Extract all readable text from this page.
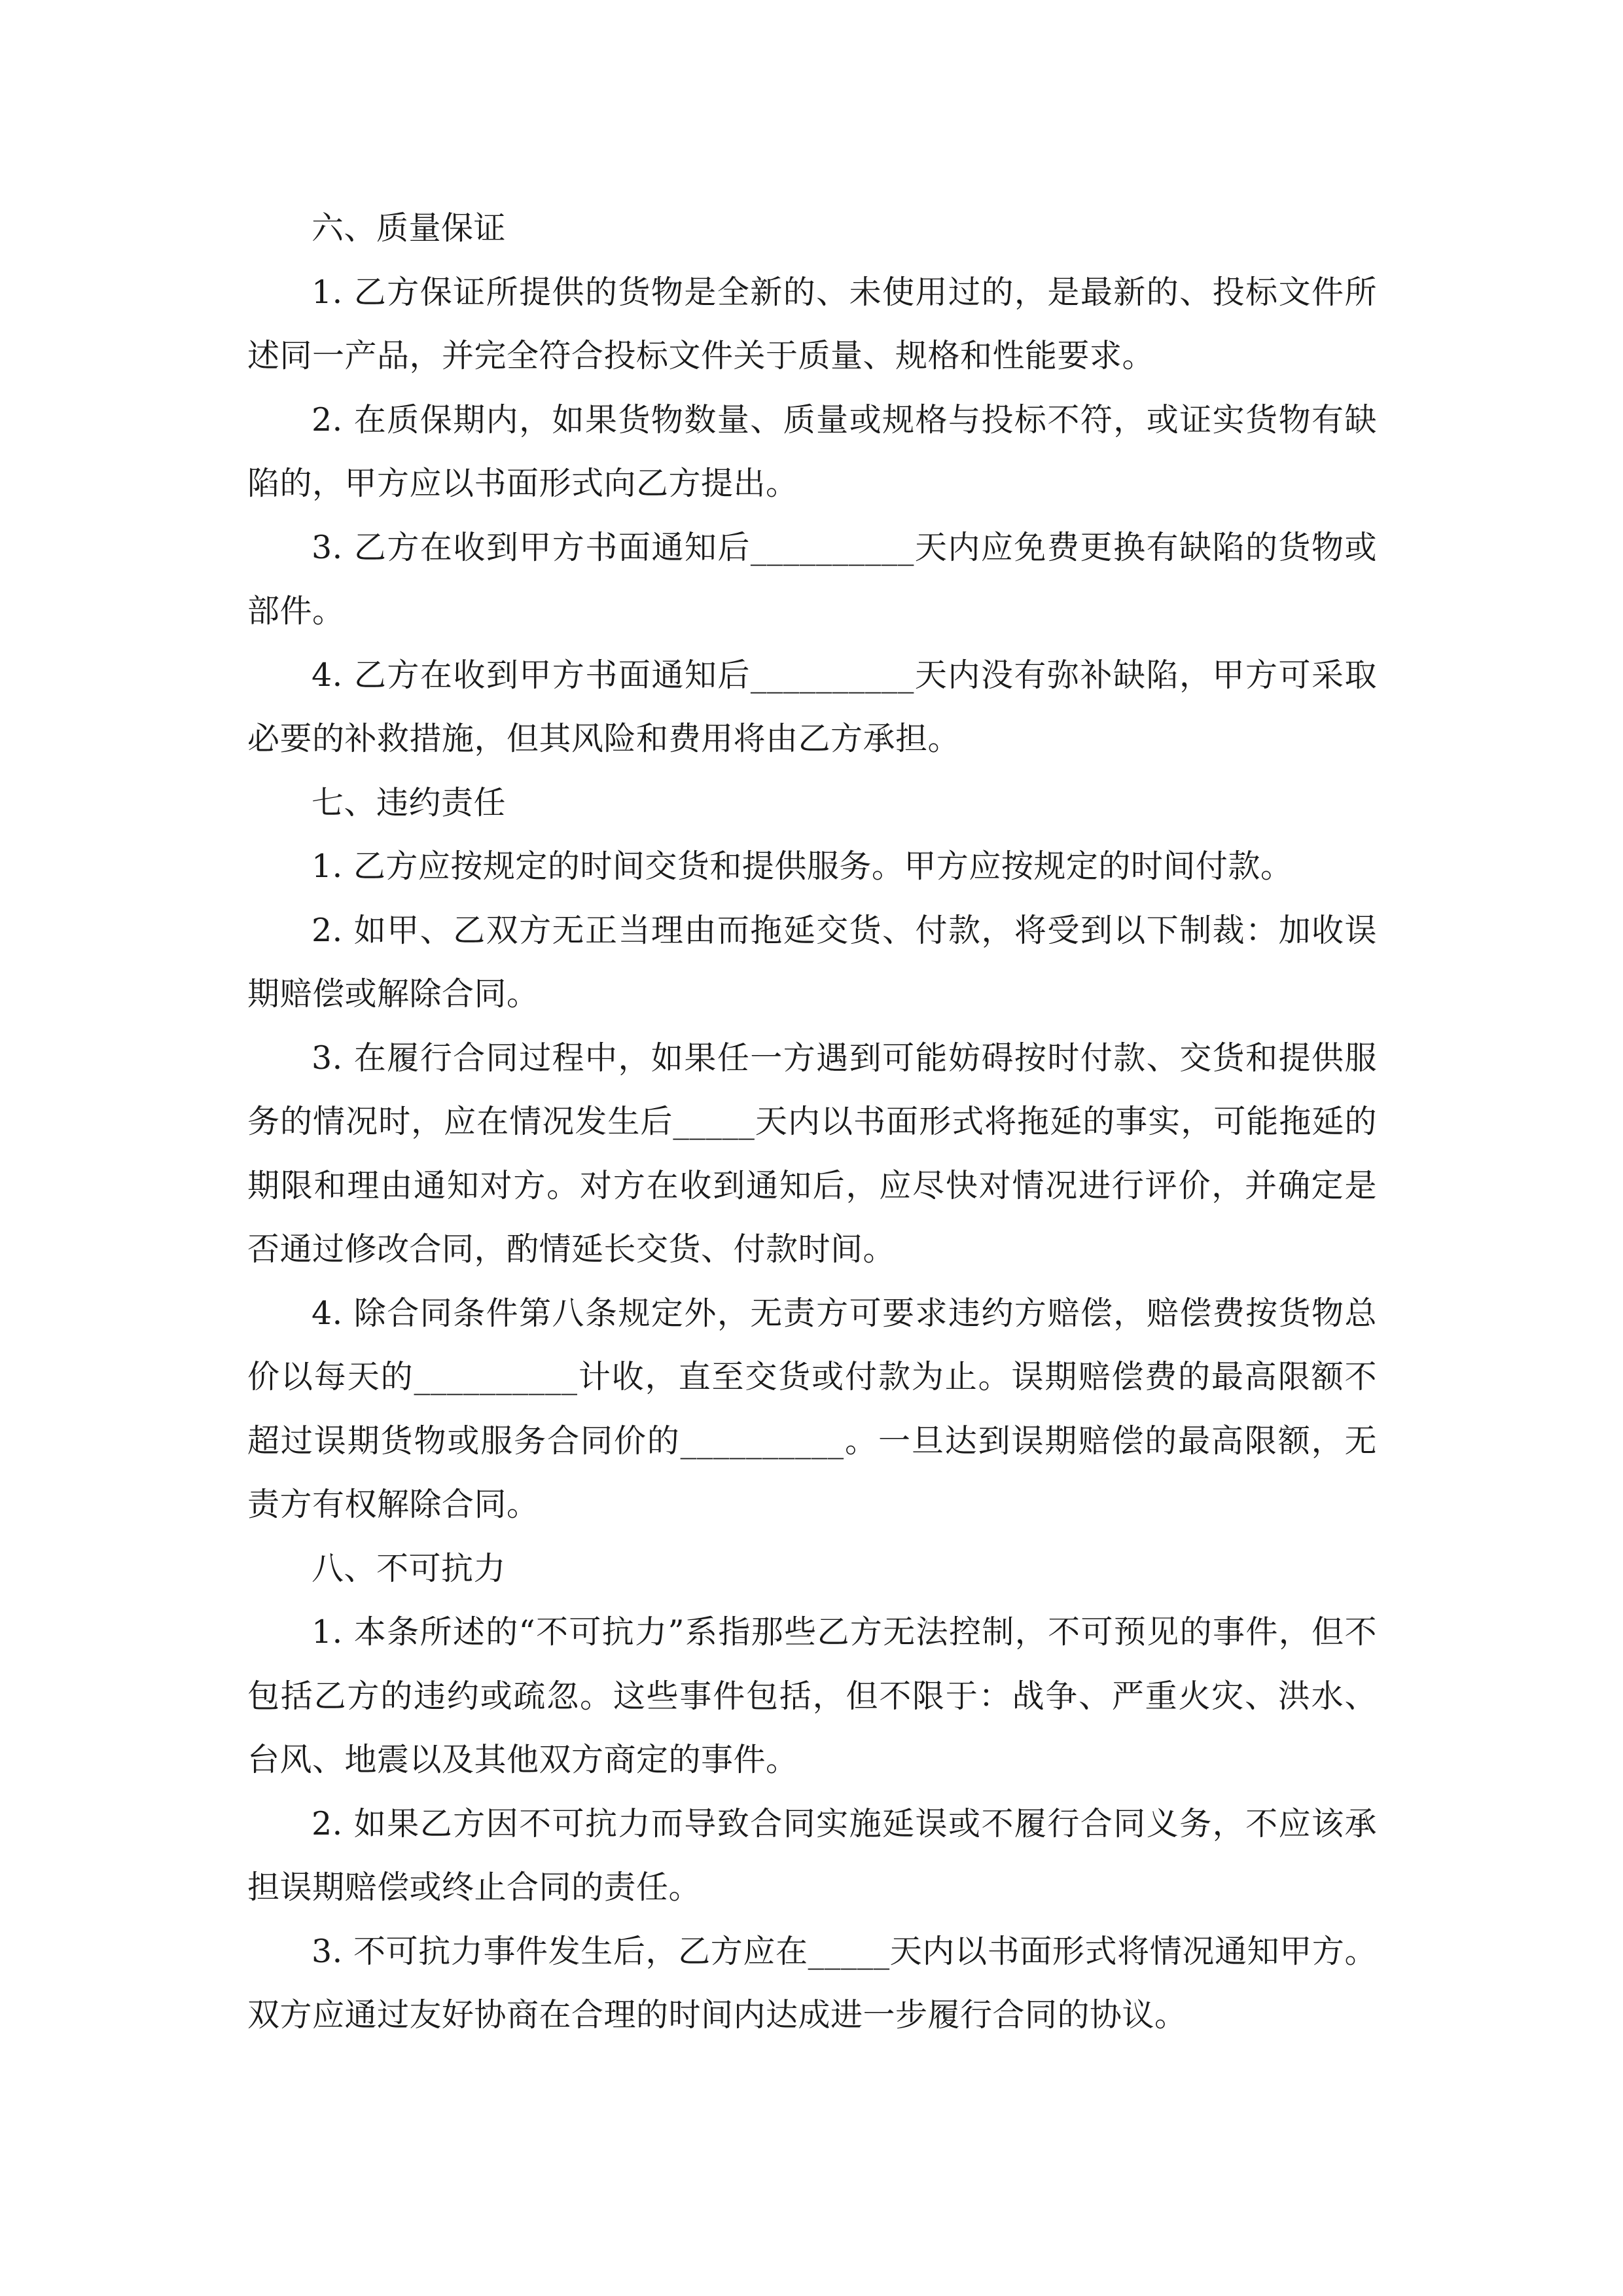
六、质量保证

1. 乙方保证所提供的货物是全新的、未使用过的，是最新的、投标文件所述同一产品，并完全符合投标文件关于质量、规格和性能要求。

2. 在质保期内，如果货物数量、质量或规格与投标不符，或证实货物有缺陷的，甲方应以书面形式向乙方提出。

3. 乙方在收到甲方书面通知后__________天内应免费更换有缺陷的货物或部件。

4. 乙方在收到甲方书面通知后__________天内没有弥补缺陷，甲方可采取必要的补救措施，但其风险和费用将由乙方承担。

七、违约责任

1. 乙方应按规定的时间交货和提供服务。甲方应按规定的时间付款。

2. 如甲、乙双方无正当理由而拖延交货、付款，将受到以下制裁：加收误期赔偿或解除合同。

3. 在履行合同过程中，如果任一方遇到可能妨碍按时付款、交货和提供服务的情况时，应在情况发生后_____天内以书面形式将拖延的事实，可能拖延的期限和理由通知对方。对方在收到通知后，应尽快对情况进行评价，并确定是否通过修改合同，酌情延长交货、付款时间。

4. 除合同条件第八条规定外，无责方可要求违约方赔偿，赔偿费按货物总价以每天的__________计收，直至交货或付款为止。误期赔偿费的最高限额不超过误期货物或服务合同价的__________。一旦达到误期赔偿的最高限额，无责方有权解除合同。

八、不可抗力

1. 本条所述的“不可抗力”系指那些乙方无法控制，不可预见的事件，但不包括乙方的违约或疏忽。这些事件包括，但不限于：战争、严重火灾、洪水、台风、地震以及其他双方商定的事件。

2. 如果乙方因不可抗力而导致合同实施延误或不履行合同义务，不应该承担误期赔偿或终止合同的责任。

3. 不可抗力事件发生后，乙方应在_____天内以书面形式将情况通知甲方。双方应通过友好协商在合理的时间内达成进一步履行合同的协议。
